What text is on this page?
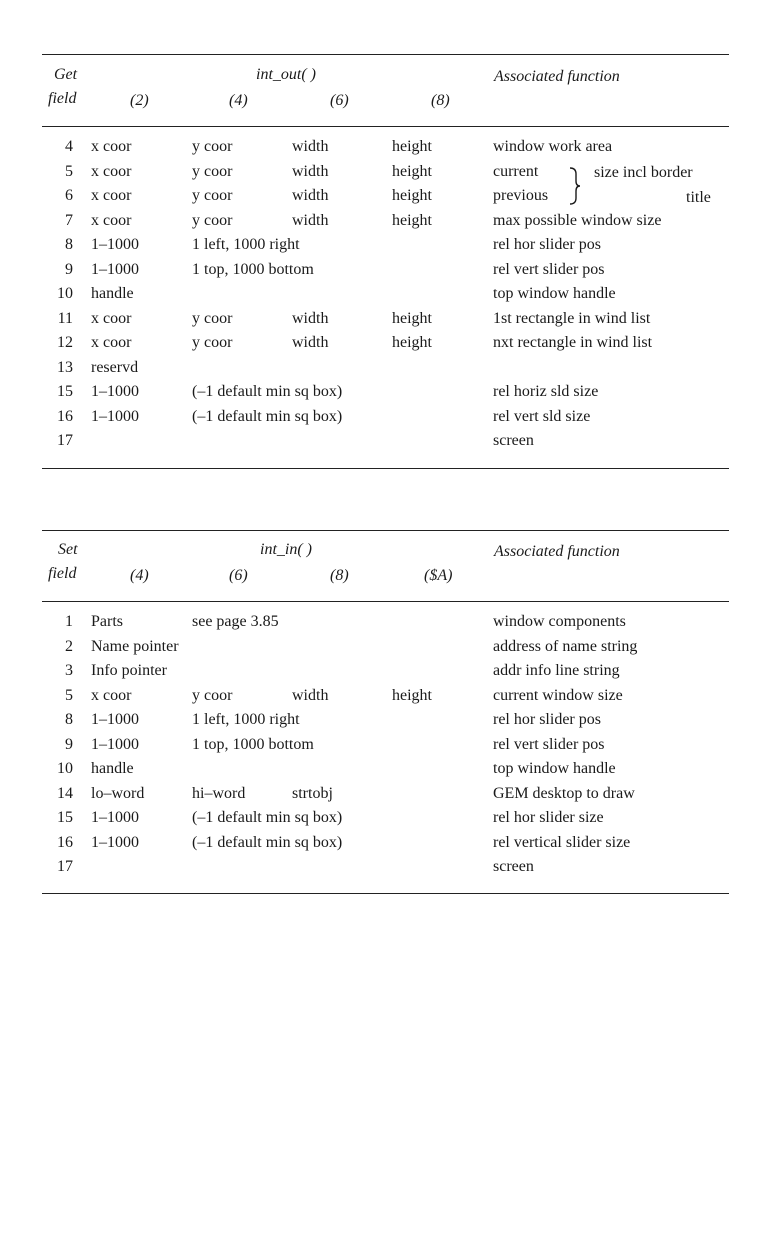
Get
field
int_out( )
(2)	(4)	(6)	(8)
Associated function
4 x coor	y coor	width	height	window work area
5 x coor	y coor	width	height	current
6 x coor	y coor	width	height	previous
7 x coor	y coor	width	height	max possible window size
8 1–1000	1 left, 1000 right	rel hor slider pos
9 1–1000	1 top, 1000 bottom	rel vert slider pos
10 handle	top window handle
11 x coor	y coor	width	height	1st rectangle in wind list
12 x coor	y coor	width	height	nxt rectangle in wind list
13 reservd
15 1–1000	(–1 default min sq box)	rel horiz sld size
16 1–1000	(–1 default min sq box)	rel vert sld size
17	screen
size incl border
title
Set
field
int_in( )
(4)	(6)	(8)	($A)
Associated function
1 Parts	see page 3.85	window components
2 Name pointer	address of name string
3 Info pointer	addr info line string
5 x coor	y coor	width	height	current window size
8 1–1000	1 left, 1000 right	rel hor slider pos
9 1–1000	1 top, 1000 bottom	rel vert slider pos
10 handle	top window handle
14 lo–word	hi–word	strtobj	GEM desktop to draw
15 1–1000	(–1 default min sq box)	rel hor slider size
16 1–1000	(–1 default min sq box)	rel vertical slider size
17	screen
